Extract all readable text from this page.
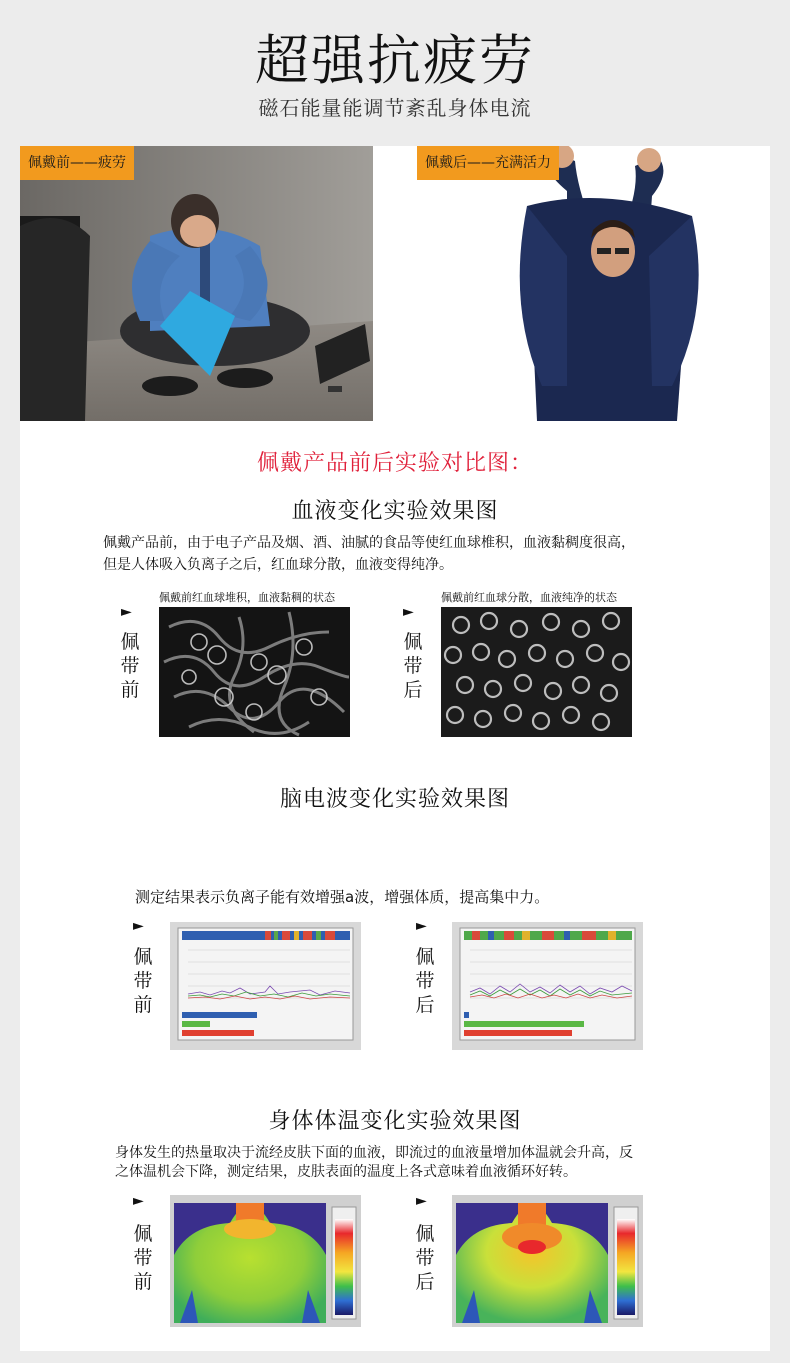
超强抗疲劳
磁石能量能调节紊乱身体电流
佩戴前——疲劳	佩戴后——充满活力
佩戴产品前后实验对比图：
血液变化实验效果图
佩戴产品前，由于电子产品及烟、酒、油腻的食品等使红血球椎积，血液黏稠度很高，
但是人体吸入负离子之后，红血球分散，血液变得纯净。
佩戴前红血球堆积，血液黏稠的状态	佩戴前红血球分散，血液纯净的状态
►	►
佩带前
佩带后
脑电波变化实验效果图
测定结果表示负离子能有效增强a波，增强体质，提高集中力。
►	►
佩带前
佩带后
身体体温变化实验效果图
身体发生的热量取决于流经皮肤下面的血液，即流过的血液量增加体温就会升高，反
之体温机会下降，测定结果，皮肤表面的温度上各式意味着血液循环好转。
►	►
佩带前
佩带后
